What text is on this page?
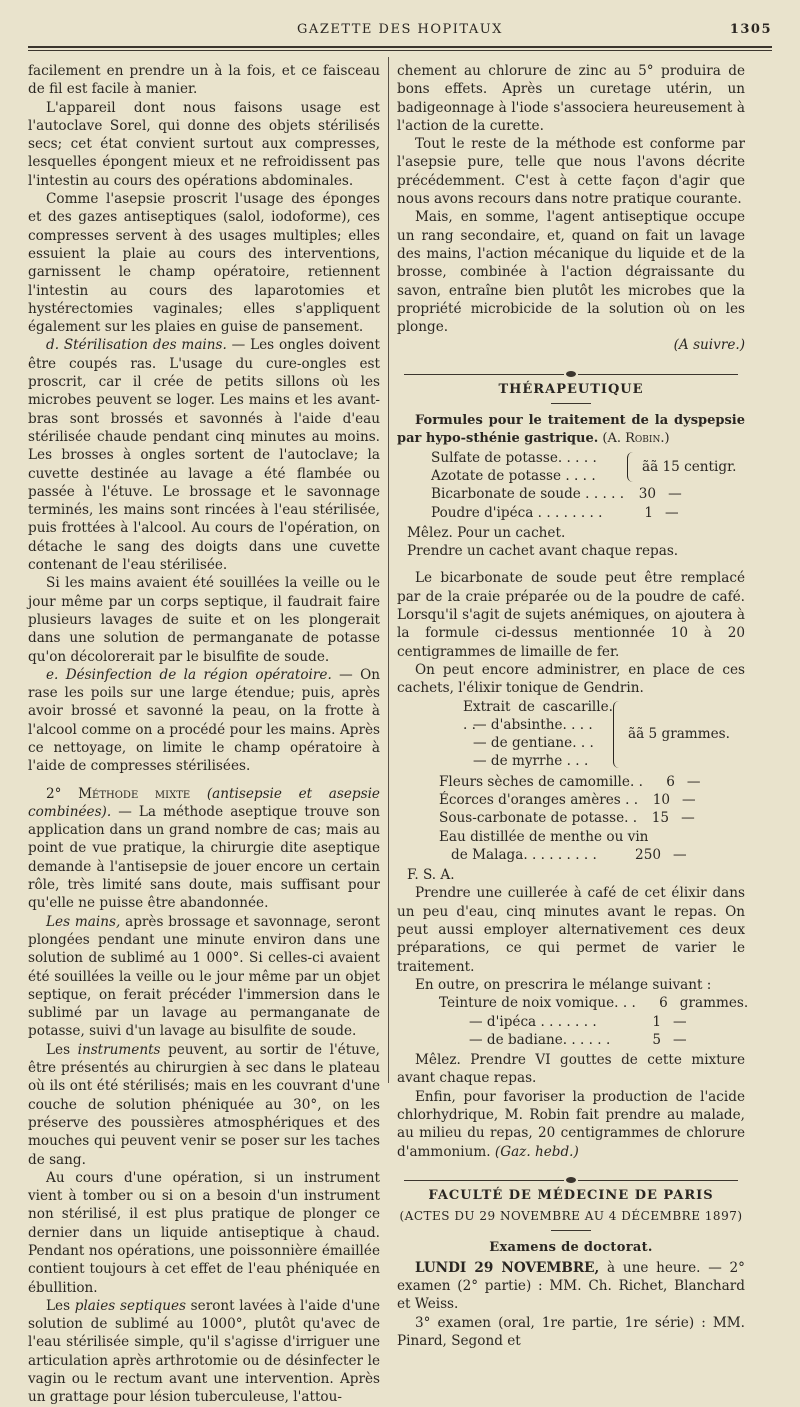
GAZETTE DES HOPITAUX	1305

facilement en prendre un à la fois, et ce faisceau de fil est facile à manier.

L'appareil dont nous faisons usage est l'autoclave Sorel, qui donne des objets stérilisés secs; cet état convient surtout aux compresses, lesquelles épongent mieux et ne refroidissent pas l'intestin au cours des opérations abdominales.

Comme l'asepsie proscrit l'usage des éponges et des gazes antiseptiques (salol, iodoforme), ces compresses servent à des usages multiples; elles essuient la plaie au cours des interventions, garnissent le champ opératoire, retiennent l'intestin au cours des laparotomies et hystérectomies vaginales; elles s'appliquent également sur les plaies en guise de pansement.

d. Stérilisation des mains. — Les ongles doivent être coupés ras. L'usage du cure-ongles est proscrit, car il crée de petits sillons où les microbes peuvent se loger. Les mains et les avant-bras sont brossés et savonnés à l'aide d'eau stérilisée chaude pendant cinq minutes au moins. Les brosses à ongles sortent de l'autoclave; la cuvette destinée au lavage a été flambée ou passée à l'étuve. Le brossage et le savonnage terminés, les mains sont rincées à l'eau stérilisée, puis frottées à l'alcool. Au cours de l'opération, on détache le sang des doigts dans une cuvette contenant de l'eau stérilisée.

Si les mains avaient été souillées la veille ou le jour même par un corps septique, il faudrait faire plusieurs lavages de suite et on les plongerait dans une solution de permanganate de potasse qu'on décolorerait par le bisulfite de soude.

e. Désinfection de la région opératoire. — On rase les poils sur une large étendue; puis, après avoir brossé et savonné la peau, on la frotte à l'alcool comme on a procédé pour les mains. Après ce nettoyage, on limite le champ opératoire à l'aide de compresses stérilisées.

2° Méthode mixte (antisepsie et asepsie combinées). — La méthode aseptique trouve son application dans un grand nombre de cas; mais au point de vue pratique, la chirurgie dite aseptique demande à l'antisepsie de jouer encore un certain rôle, très limité sans doute, mais suffisant pour qu'elle ne puisse être abandonnée.

Les mains, après brossage et savonnage, seront plongées pendant une minute environ dans une solution de sublimé au 1 000°. Si celles-ci avaient été souillées la veille ou le jour même par un objet septique, on ferait précéder l'immersion dans le sublimé par un lavage au permanganate de potasse, suivi d'un lavage au bisulfite de soude.

Les instruments peuvent, au sortir de l'étuve, être présentés au chirurgien à sec dans le plateau où ils ont été stérilisés; mais en les couvrant d'une couche de solution phéniquée au 30°, on les préserve des poussières atmosphériques et des mouches qui peuvent venir se poser sur les taches de sang.

Au cours d'une opération, si un instrument vient à tomber ou si on a besoin d'un instrument non stérilisé, il est plus pratique de plonger ce dernier dans un liquide antiseptique à chaud. Pendant nos opérations, une poissonnière émaillée contient toujours à cet effet de l'eau phéniquée en ébullition.

Les plaies septiques seront lavées à l'aide d'une solution de sublimé au 1000°, plutôt qu'avec de l'eau stérilisée simple, qu'il s'agisse d'irriguer une articulation après arthrotomie ou de désinfecter le vagin ou le rectum avant une intervention. Après un grattage pour lésion tuberculeuse, l'attou-

chement au chlorure de zinc au 5° produira de bons effets. Après un curetage utérin, un badigeonnage à l'iode s'associera heureusement à l'action de la curette.

Tout le reste de la méthode est conforme par l'asepsie pure, telle que nous l'avons décrite précédemment. C'est à cette façon d'agir que nous avons recours dans notre pratique courante.

Mais, en somme, l'agent antiseptique occupe un rang secondaire, et, quand on fait un lavage des mains, l'action mécanique du liquide et de la brosse, combinée à l'action dégraissante du savon, entraîne bien plutôt les microbes que la propriété microbicide de la solution où on les plonge.

(A suivre.)

THÉRAPEUTIQUE

Formules pour le traitement de la dyspepsie par hypo-sthénie gastrique. (A. Robin.)

Sulfate de potasse. . . . .
Azotate de potasse . . . .
ãã 15 centigr.
Bicarbonate de soude . . . . .	30 —
Poudre d'ipéca . . . . . . . .	1 —

Mêlez. Pour un cachet.

Prendre un cachet avant chaque repas.

Le bicarbonate de soude peut être remplacé par de la craie préparée ou de la poudre de café. Lorsqu'il s'agit de sujets anémiques, on ajoutera à la formule ci-dessus mentionnée 10 à 20 centigrammes de limaille de fer.

On peut encore administrer, en place de ces cachets, l'élixir tonique de Gendrin.

Extrait de cascarille. . .
— d'absinthe. . . .
— de gentiane. . .
— de myrrhe . . .
ãã 5 grammes.
Fleurs sèches de camomille. .	6 —
Écorces d'oranges amères . .	10 —
Sous-carbonate de potasse. .	15 —
Eau distillée de menthe ou vin
de Malaga. . . . . . . . .	250 —

F. S. A.

Prendre une cuillerée à café de cet élixir dans un peu d'eau, cinq minutes avant le repas. On peut aussi employer alternativement ces deux préparations, ce qui permet de varier le traitement.

En outre, on prescrira le mélange suivant :

Teinture de noix vomique. . .	6 grammes.
— d'ipéca . . . . . . .	1 —
— de badiane. . . . . .	5 —

Mêlez. Prendre VI gouttes de cette mixture avant chaque repas.

Enfin, pour favoriser la production de l'acide chlorhydrique, M. Robin fait prendre au malade, au milieu du repas, 20 centigrammes de chlorure d'ammonium. (Gaz. hebd.)

FACULTÉ DE MÉDECINE DE PARIS
(ACTES DU 29 NOVEMBRE AU 4 DÉCEMBRE 1897)
Examens de doctorat.

LUNDI 29 NOVEMBRE, à une heure. — 2° examen (2° partie) : MM. Ch. Richet, Blanchard et Weiss.

3° examen (oral, 1re partie, 1re série) : MM. Pinard, Segond et
